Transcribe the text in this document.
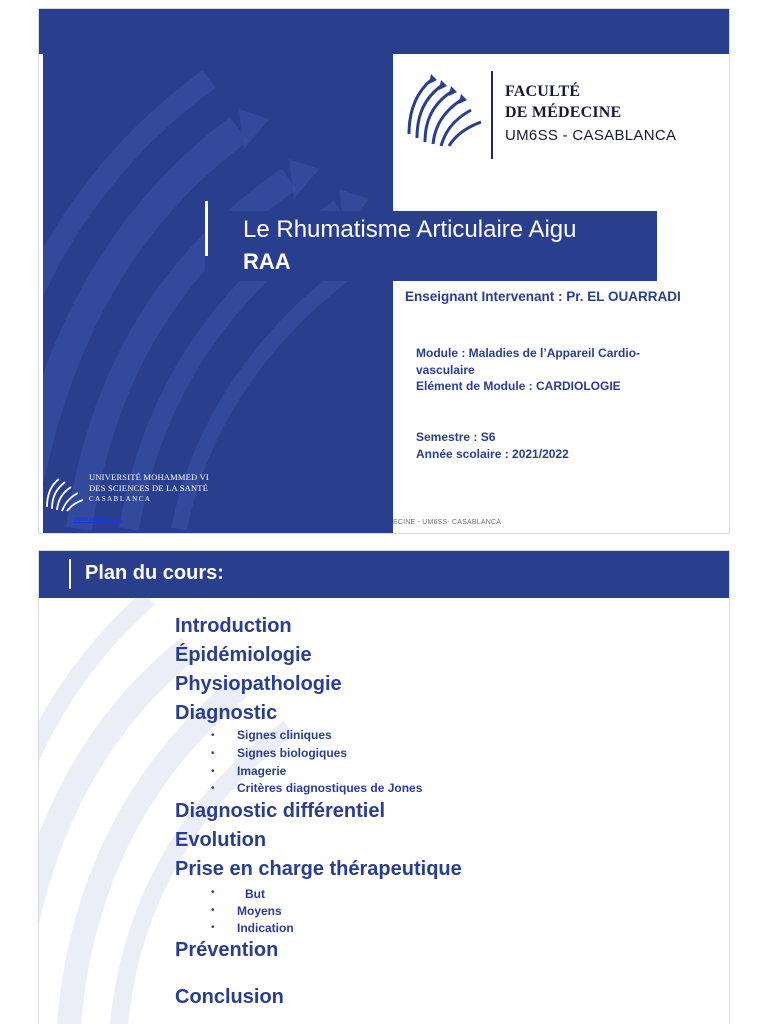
FACULTÉ
DE MÉDECINE
UM6SS - CASABLANCA
Le Rhumatisme Articulaire Aigu
RAA
Enseignant Intervenant : Pr. EL OUARRADI
Module : Maladies de l’Appareil Cardio-vasculaire
Elément de Module : CARDIOLOGIE
Semestre : S6
Année scolaire : 2021/2022
UNIVERSITÉ MOHAMMED VI
DES SCIENCES DE LA SANTÉ
CASABLANCA
www.um6ss.ma	ECINE - UM6SS- CASABLANCA
Plan du cours:
Introduction
Épidémiologie
Physiopathologie
Diagnostic
• Signes cliniques
• Signes biologiques
• Imagerie
• Critères diagnostiques de Jones
Diagnostic différentiel
Evolution
Prise en charge thérapeutique
•	But
• Moyens
• Indication
Prévention
Conclusion
